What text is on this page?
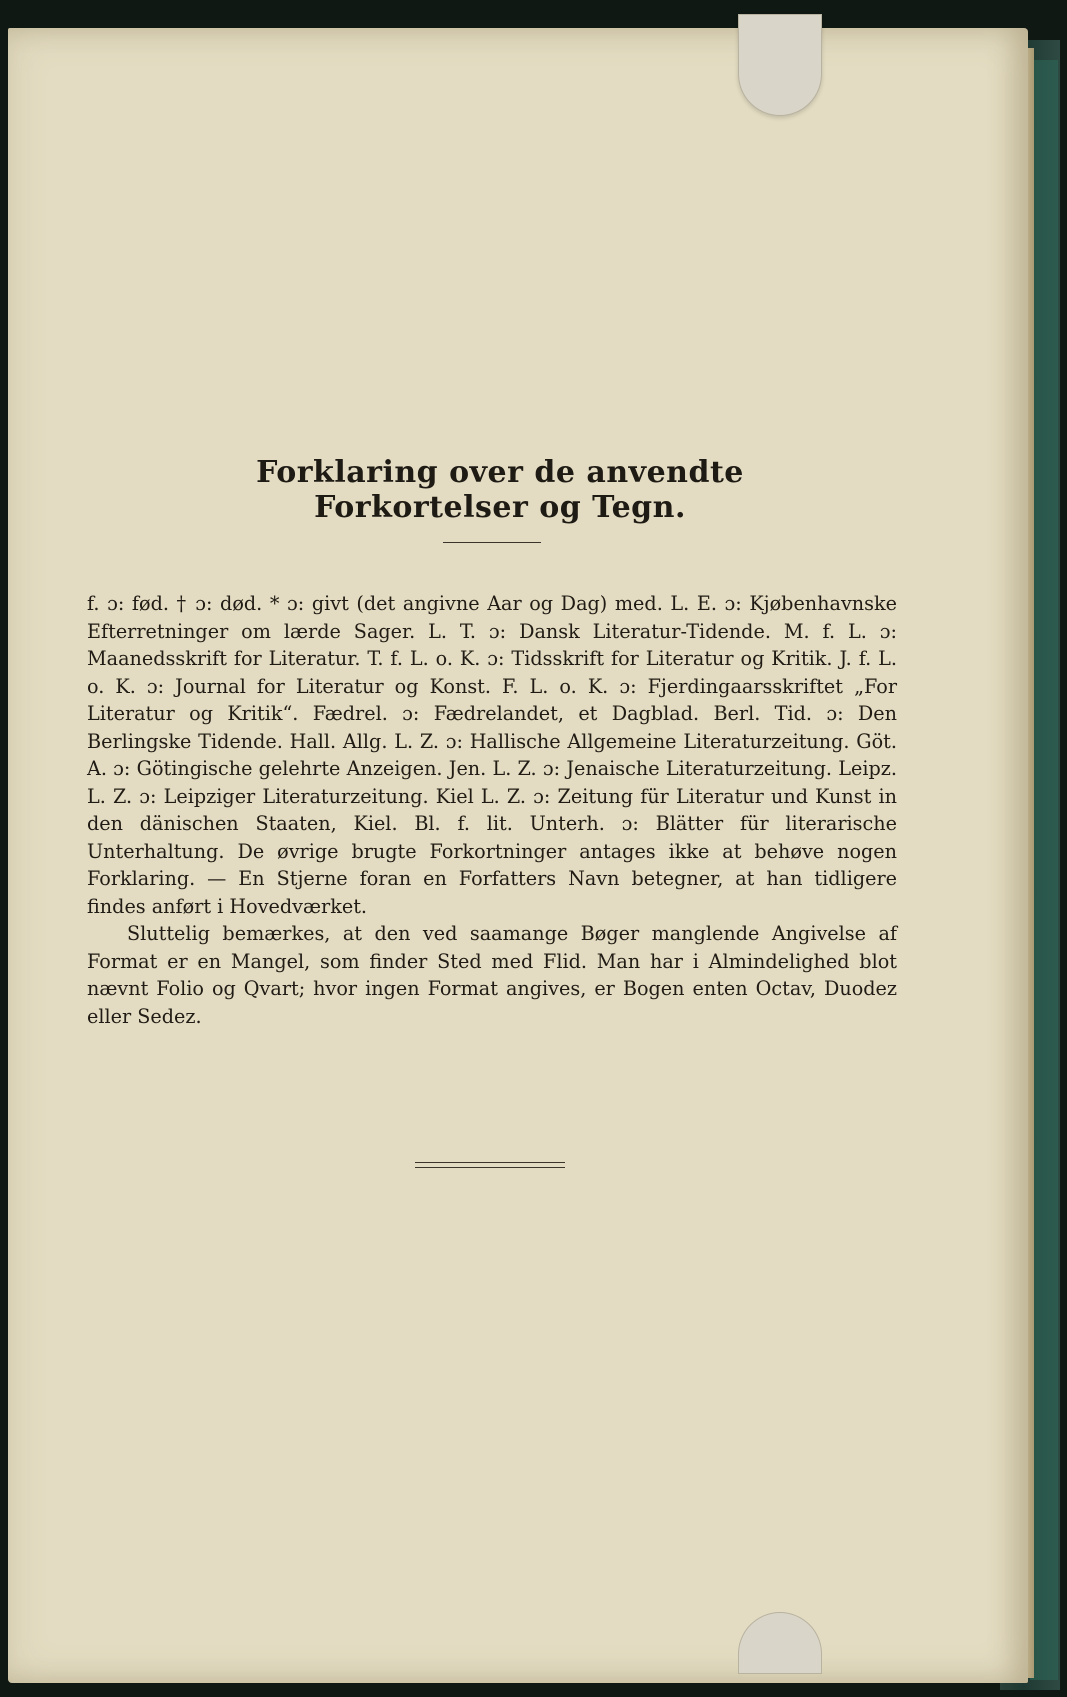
Forklaring over de anvendte Forkortelser og Tegn.

f. ɔ: fød. † ɔ: død. * ɔ: givt (det angivne Aar og Dag) med. L. E. ɔ: Kjøbenhavnske Efterretninger om lærde Sager. L. T. ɔ: Dansk Literatur-Tidende. M. f. L. ɔ: Maanedsskrift for Literatur. T. f. L. o. K. ɔ: Tidsskrift for Literatur og Kritik. J. f. L. o. K. ɔ: Journal for Literatur og Konst. F. L. o. K. ɔ: Fjerdingaarsskriftet „For Literatur og Kritik“. Fædrel. ɔ: Fædrelandet, et Dagblad. Berl. Tid. ɔ: Den Berlingske Tidende. Hall. Allg. L. Z. ɔ: Hallische Allgemeine Literaturzeitung. Göt. A. ɔ: Götingische gelehrte Anzeigen. Jen. L. Z. ɔ: Jenaische Literaturzeitung. Leipz. L. Z. ɔ: Leipziger Literaturzeitung. Kiel L. Z. ɔ: Zeitung für Literatur und Kunst in den dänischen Staaten, Kiel. Bl. f. lit. Unterh. ɔ: Blätter für literarische Unterhaltung. De øvrige brugte Forkortninger antages ikke at behøve nogen Forklaring. — En Stjerne foran en Forfatters Navn betegner, at han tidligere findes anført i Hovedværket.

Sluttelig bemærkes, at den ved saamange Bøger manglende Angivelse af Format er en Mangel, som finder Sted med Flid. Man har i Almindelighed blot nævnt Folio og Qvart; hvor ingen Format angives, er Bogen enten Octav, Duodez eller Sedez.
